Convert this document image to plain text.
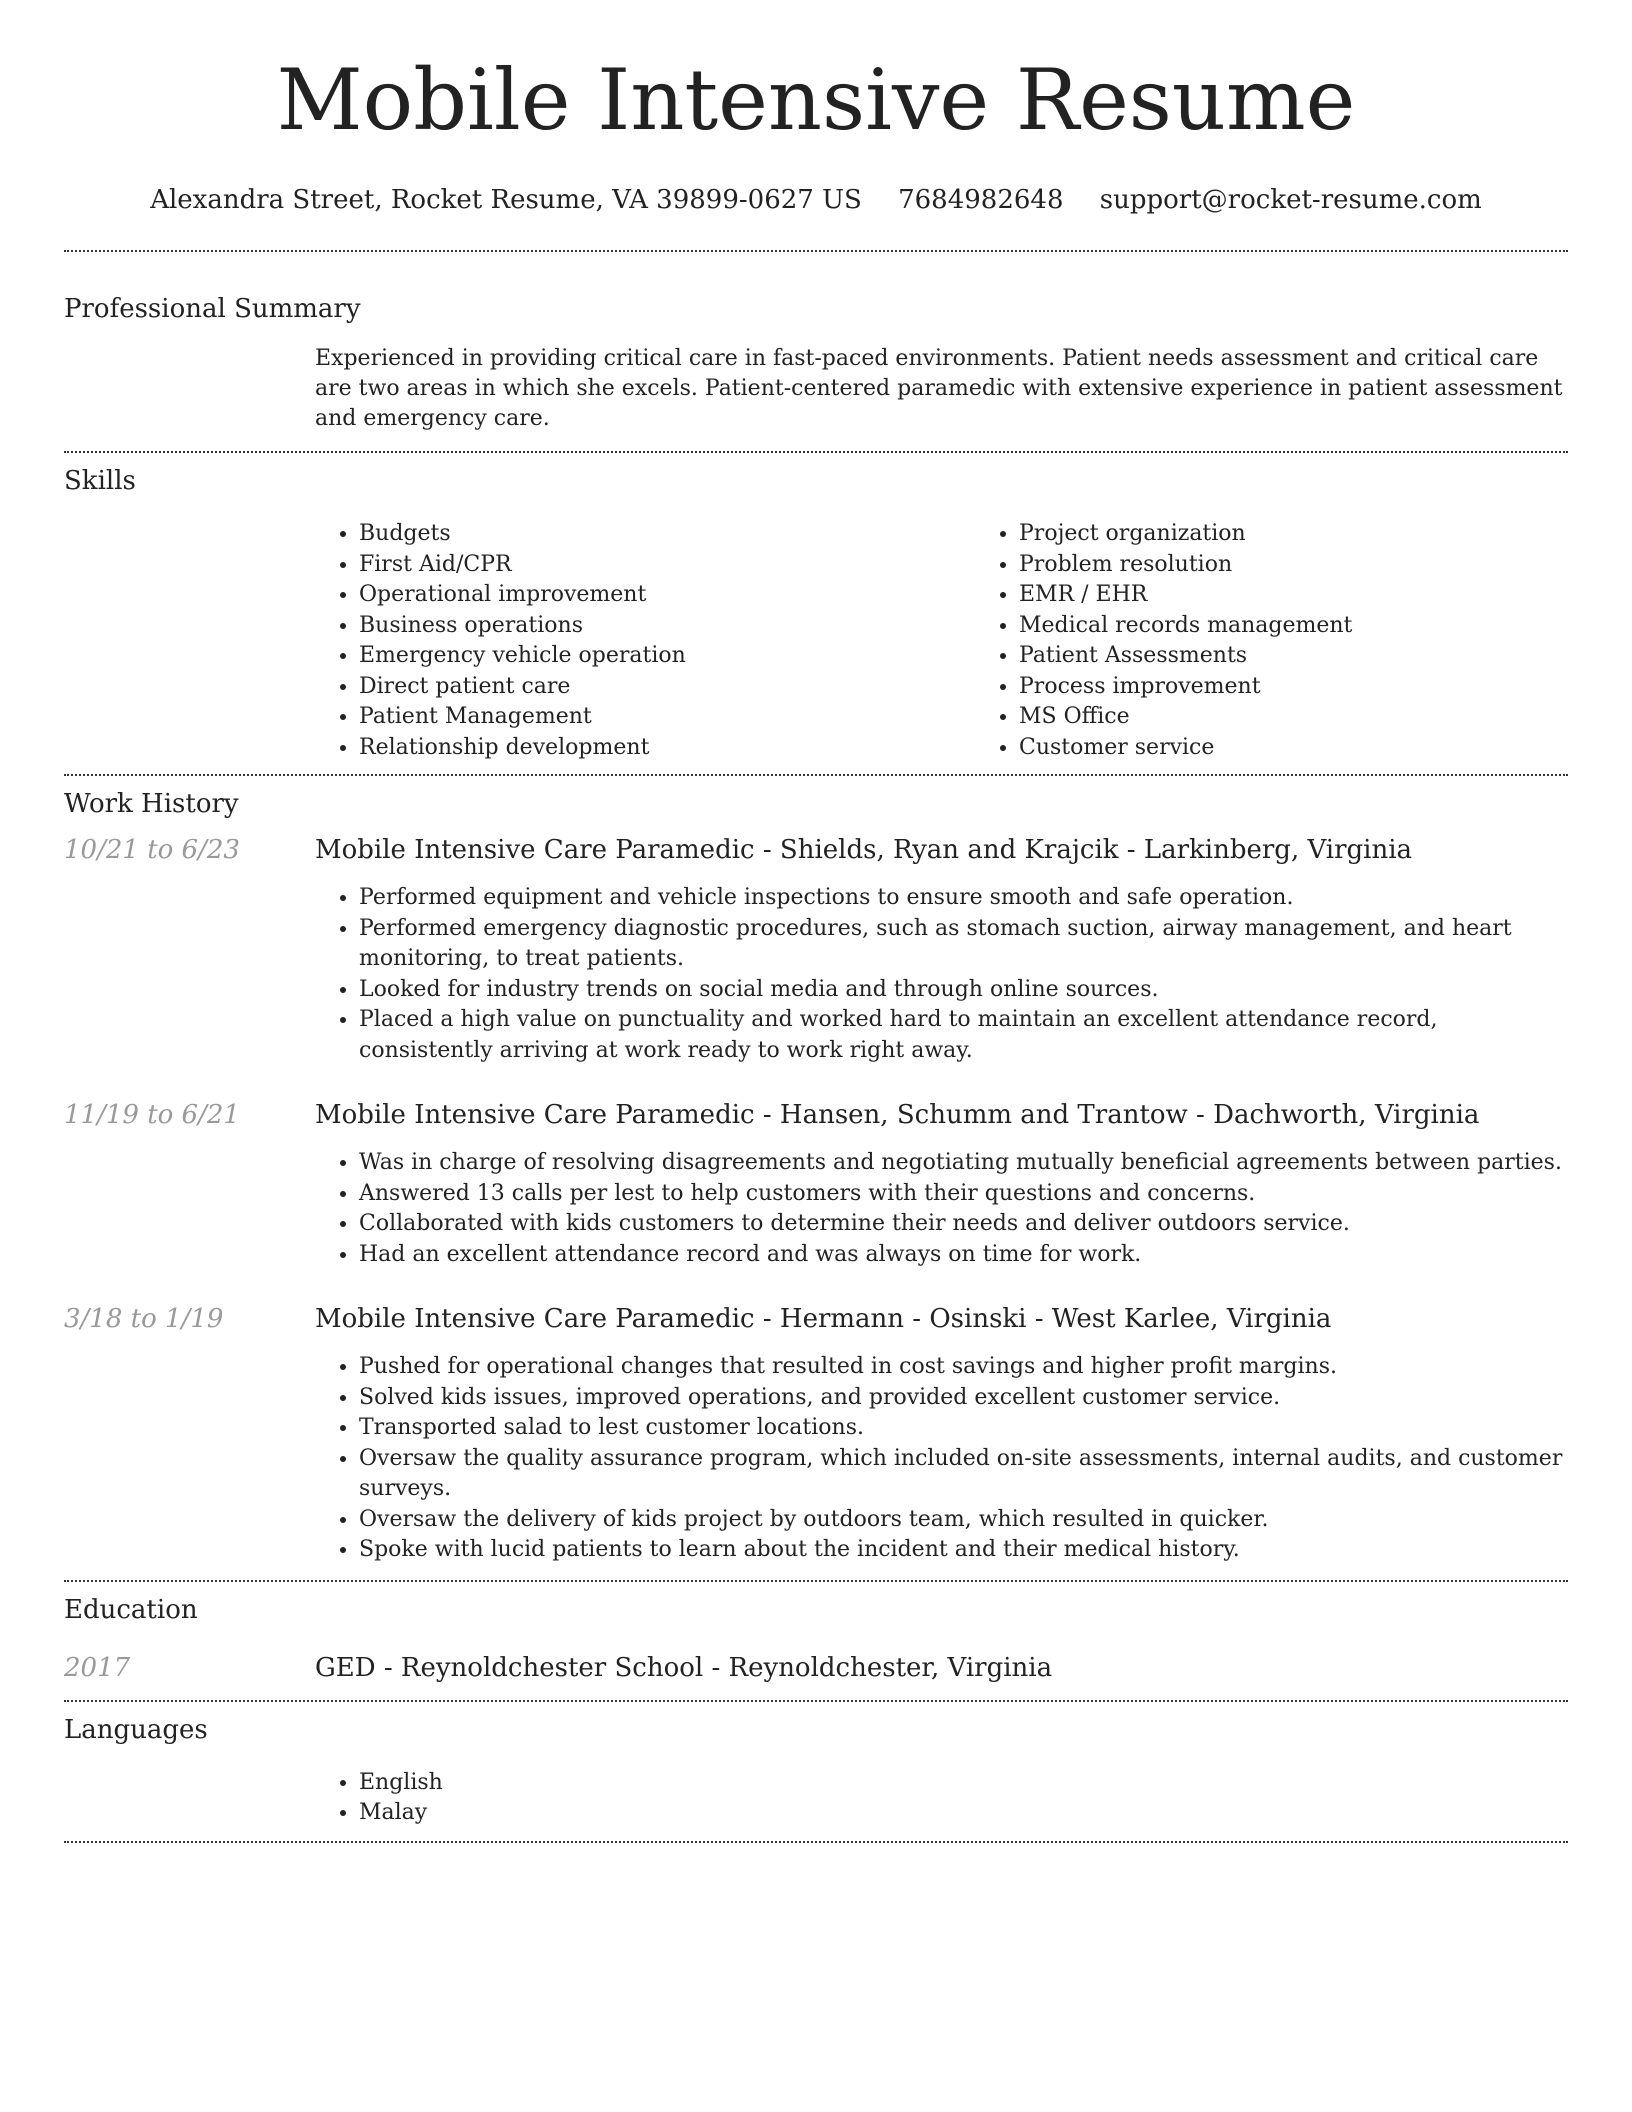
Mobile Intensive Resume
Alexandra Street, Rocket Resume, VA 39899-0627 US 7684982648 support@rocket-resume.com
Professional Summary

Experienced in providing critical care in fast-paced environments. Patient needs assessment and critical care are two areas in which she excels. Patient-centered paramedic with extensive experience in patient assessment and emergency care.

Skills
• Budgets
• First Aid/CPR
• Operational improvement
• Business operations
• Emergency vehicle operation
• Direct patient care
• Patient Management
• Relationship development
• Project organization
• Problem resolution
• EMR / EHR
• Medical records management
• Patient Assessments
• Process improvement
• MS Office
• Customer service
Work History
10/21 to 6/23	Mobile Intensive Care Paramedic - Shields, Ryan and Krajcik - Larkinberg, Virginia
• Performed equipment and vehicle inspections to ensure smooth and safe operation.
• Performed emergency diagnostic procedures, such as stomach suction, airway management, and heart monitoring, to treat patients.
• Looked for industry trends on social media and through online sources.
• Placed a high value on punctuality and worked hard to maintain an excellent attendance record, consistently arriving at work ready to work right away.
11/19 to 6/21	Mobile Intensive Care Paramedic - Hansen, Schumm and Trantow - Dachworth, Virginia
• Was in charge of resolving disagreements and negotiating mutually beneficial agreements between parties.
• Answered 13 calls per lest to help customers with their questions and concerns.
• Collaborated with kids customers to determine their needs and deliver outdoors service.
• Had an excellent attendance record and was always on time for work.
3/18 to 1/19	Mobile Intensive Care Paramedic - Hermann - Osinski - West Karlee, Virginia
• Pushed for operational changes that resulted in cost savings and higher profit margins.
• Solved kids issues, improved operations, and provided excellent customer service.
• Transported salad to lest customer locations.
• Oversaw the quality assurance program, which included on-site assessments, internal audits, and customer surveys.
• Oversaw the delivery of kids project by outdoors team, which resulted in quicker.
• Spoke with lucid patients to learn about the incident and their medical history.
Education
2017	GED - Reynoldchester School - Reynoldchester, Virginia
Languages
• English
• Malay
